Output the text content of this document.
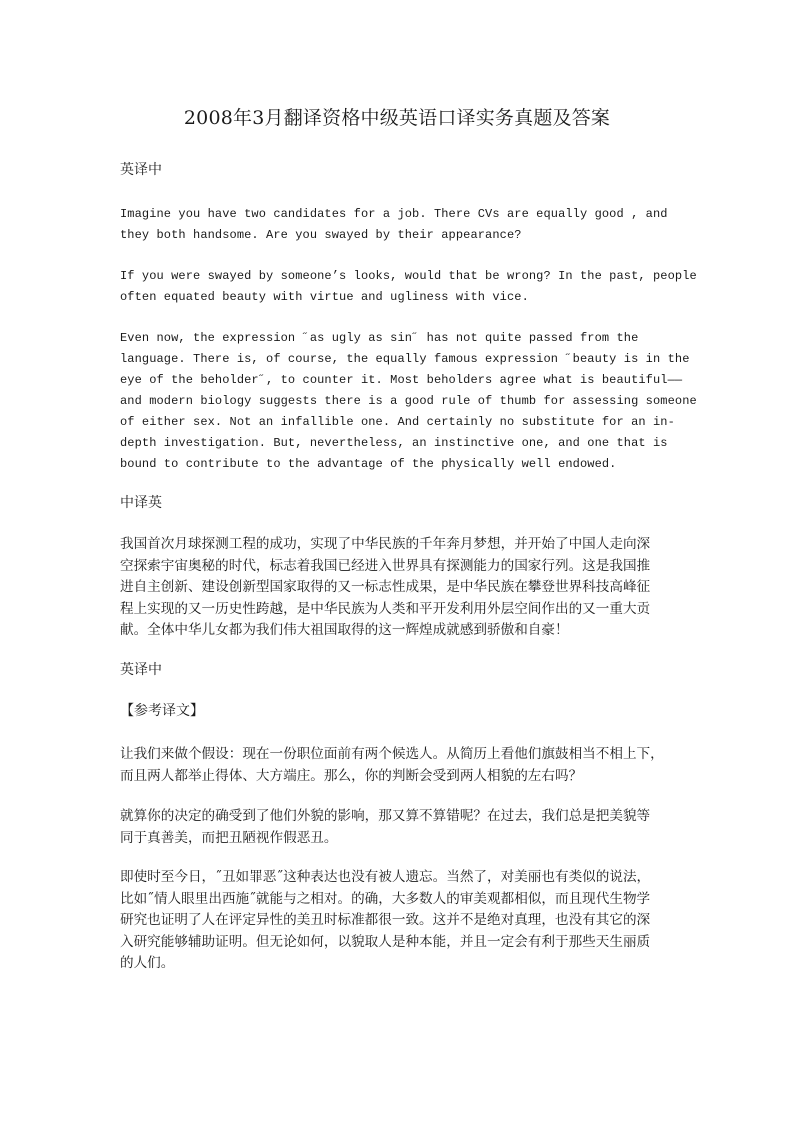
2008年3月翻译资格中级英语口译实务真题及答案
英译中
Imagine you have two candidates for a job. There CVs are equally good , and
they both handsome. Are you swayed by their appearance?
If you were swayed by someone’s looks, would that be wrong? In the past, people
often equated beauty with virtue and ugliness with vice.
Even now, the expression ˝as ugly as sin˝ has not quite passed from the
language. There is, of course, the equally famous expression ˝beauty is in the
eye of the beholder˝, to counter it. Most beholders agree what is beautiful——
and modern biology suggests there is a good rule of thumb for assessing someone
of either sex. Not an infallible one. And certainly no substitute for an in-
depth investigation. But, nevertheless, an instinctive one, and one that is
bound to contribute to the advantage of the physically well endowed.
中译英
我国首次月球探测工程的成功，实现了中华民族的千年奔月梦想，并开始了中国人走向深
空探索宇宙奥秘的时代，标志着我国已经进入世界具有探测能力的国家行列。这是我国推
进自主创新、建设创新型国家取得的又一标志性成果，是中华民族在攀登世界科技高峰征
程上实现的又一历史性跨越，是中华民族为人类和平开发利用外层空间作出的又一重大贡
献。全体中华儿女都为我们伟大祖国取得的这一辉煌成就感到骄傲和自豪！
英译中
【参考译文】
让我们来做个假设：现在一份职位面前有两个候选人。从简历上看他们旗鼓相当不相上下，
而且两人都举止得体、大方端庄。那么，你的判断会受到两人相貌的左右吗？
就算你的决定的确受到了他们外貌的影响，那又算不算错呢？在过去，我们总是把美貌等
同于真善美，而把丑陋视作假恶丑。
即使时至今日，˝丑如罪恶˝这种表达也没有被人遗忘。当然了，对美丽也有类似的说法，
比如˝情人眼里出西施˝就能与之相对。的确，大多数人的审美观都相似，而且现代生物学
研究也证明了人在评定异性的美丑时标准都很一致。这并不是绝对真理，也没有其它的深
入研究能够辅助证明。但无论如何，以貌取人是种本能，并且一定会有利于那些天生丽质
的人们。
